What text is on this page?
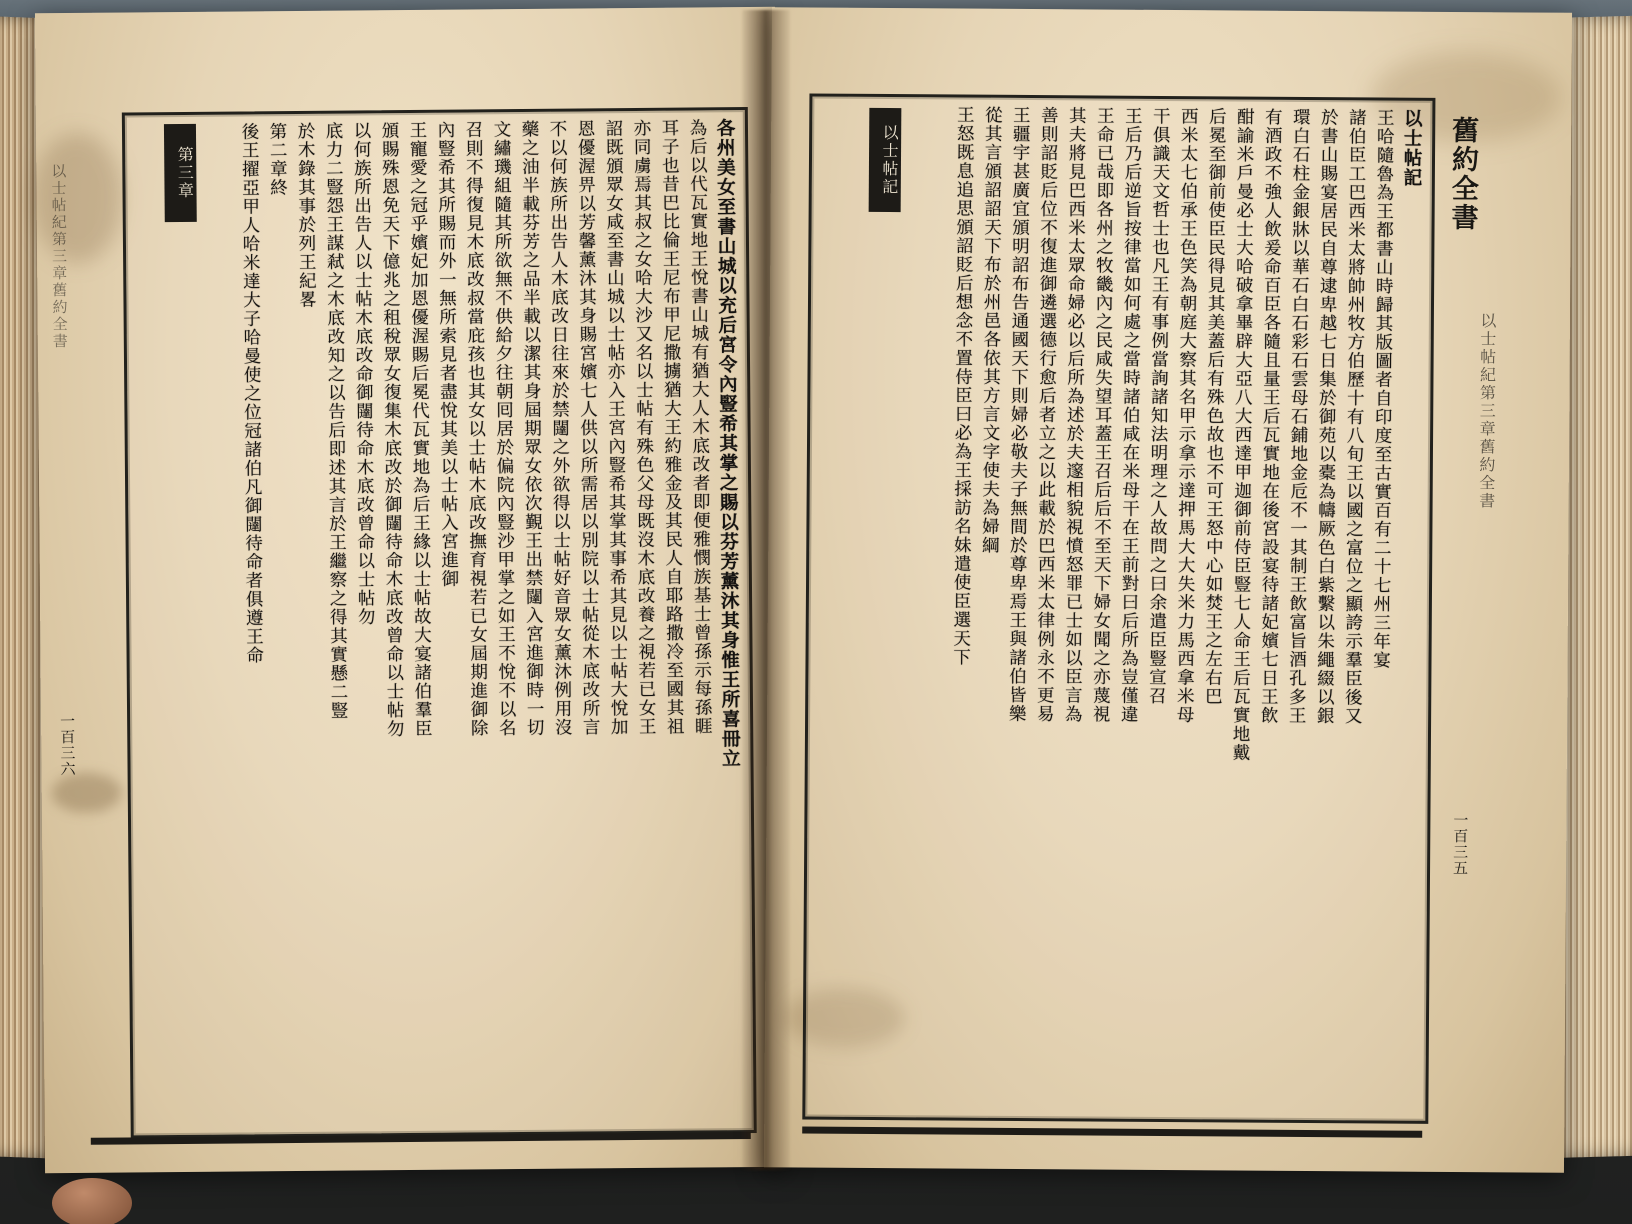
以士帖紀第三章舊約全書	各州美女至書山城以充后宮令內豎希其掌之賜以芬芳薰沐其身惟王所喜冊立
為后以代瓦實地王悅書山城有猶大人木底改者即便雅憫族基士曾孫示每孫睚
耳子也昔巴比倫王尼布甲尼撒擄猶大王約雅金及其民人自耶路撒冷至國其祖
亦同虜焉其叔之女哈大沙又名以士帖有殊色父母既沒木底改養之視若已女王
詔既頒眾女咸至書山城以士帖亦入王宮內豎希其掌其事希其見以士帖大悅加
恩優渥畀以芳馨薰沐其身賜宮嬪七人供以所需居以別院以士帖從木底改所言
不以何族所出告人木底改日往來於禁闥之外欲得以士帖好音眾女薰沐例用沒
藥之油半載芬芳之品半載以潔其身屆期眾女依次覲王出禁闥入宮進御時一切
文繡璣組隨其所欲無不供給夕往朝囘居於偏院內豎沙甲掌之如王不悅不以名
召則不得復見木底改叔當庇孩也其女以士帖木底改撫育視若已女屆期進御除
內豎希其所賜而外一無所索見者盡悅其美以士帖入宮進御
王寵愛之冠乎嬪妃加恩優渥賜后冕代瓦實地為后王緣以士帖故大宴諸伯羣臣
頒賜殊恩免天下億兆之租稅眾女復集木底改於御闥待命木底改曾命以士帖勿
以何族所出告人以士帖木底改命御闥待命木底改曾命以士帖勿
底力二豎怨王謀弒之木底改知之以告后即述其言於王繼察之得其實懸二豎
於木錄其事於列王紀畧
第二章終
後王擢亞甲人哈米達大子哈曼使之位冠諸伯凡御闥待命者俱遵王命
第三章
一百三六
以士帖記
王哈隨魯為王都書山時歸其版圖者自印度至古實百有二十七州三年宴
諸伯臣工巴西米太將帥州牧方伯歷十有八旬王以國之富位之顯誇示羣臣後又
於書山賜宴居民自尊逮卑越七日集於御苑以橐為幬厥色白紫繫以朱繩綴以銀
環白石柱金銀牀以華石白石彩石雲母石鋪地金卮不一其制王飲富旨酒孔多王
有酒政不強人飲爰命百臣各隨且量王后瓦實地在後宮設宴待諸妃嬪七日王飲
酣諭米戶曼必士大哈破拿畢辟大亞八大西達甲迦御前侍臣豎七人命王后瓦實地戴
后冕至御前使臣民得見其美蓋后有殊色故也不可王怒中心如焚王之左右巴
西米太七伯承王色笑為朝庭大察其名甲示拿示達押馬大大失米力馬西拿米母
干俱識天文哲士也凡王有事例當詢諸知法明理之人故問之曰余遣臣豎宣召
王后乃后逆旨按律當如何處之當時諸伯咸在米母干在王前對曰后所為豈僅違
王命已哉即各州之牧畿內之民咸失望耳蓋王召后后不至天下婦女聞之亦蔑視
其夫將見巴西米太眾命婦必以后所為述於夫邃相貌視憤怒罪已士如以臣言為
善則詔貶后位不復進御遴選德行愈后者立之以此載於巴西米太律例永不更易
王疆宇甚廣宜頒明詔布告通國天下則婦必敬夫子無間於尊卑焉王與諸伯皆樂
從其言頒詔詔天下布於州邑各依其方言文字使夫為婦綱
王怒既息追思頒詔貶后想念不置侍臣曰必為王採訪名妹遣使臣選天下
以士帖記	舊約全書
以士帖紀第三章舊約全書
一百三五
